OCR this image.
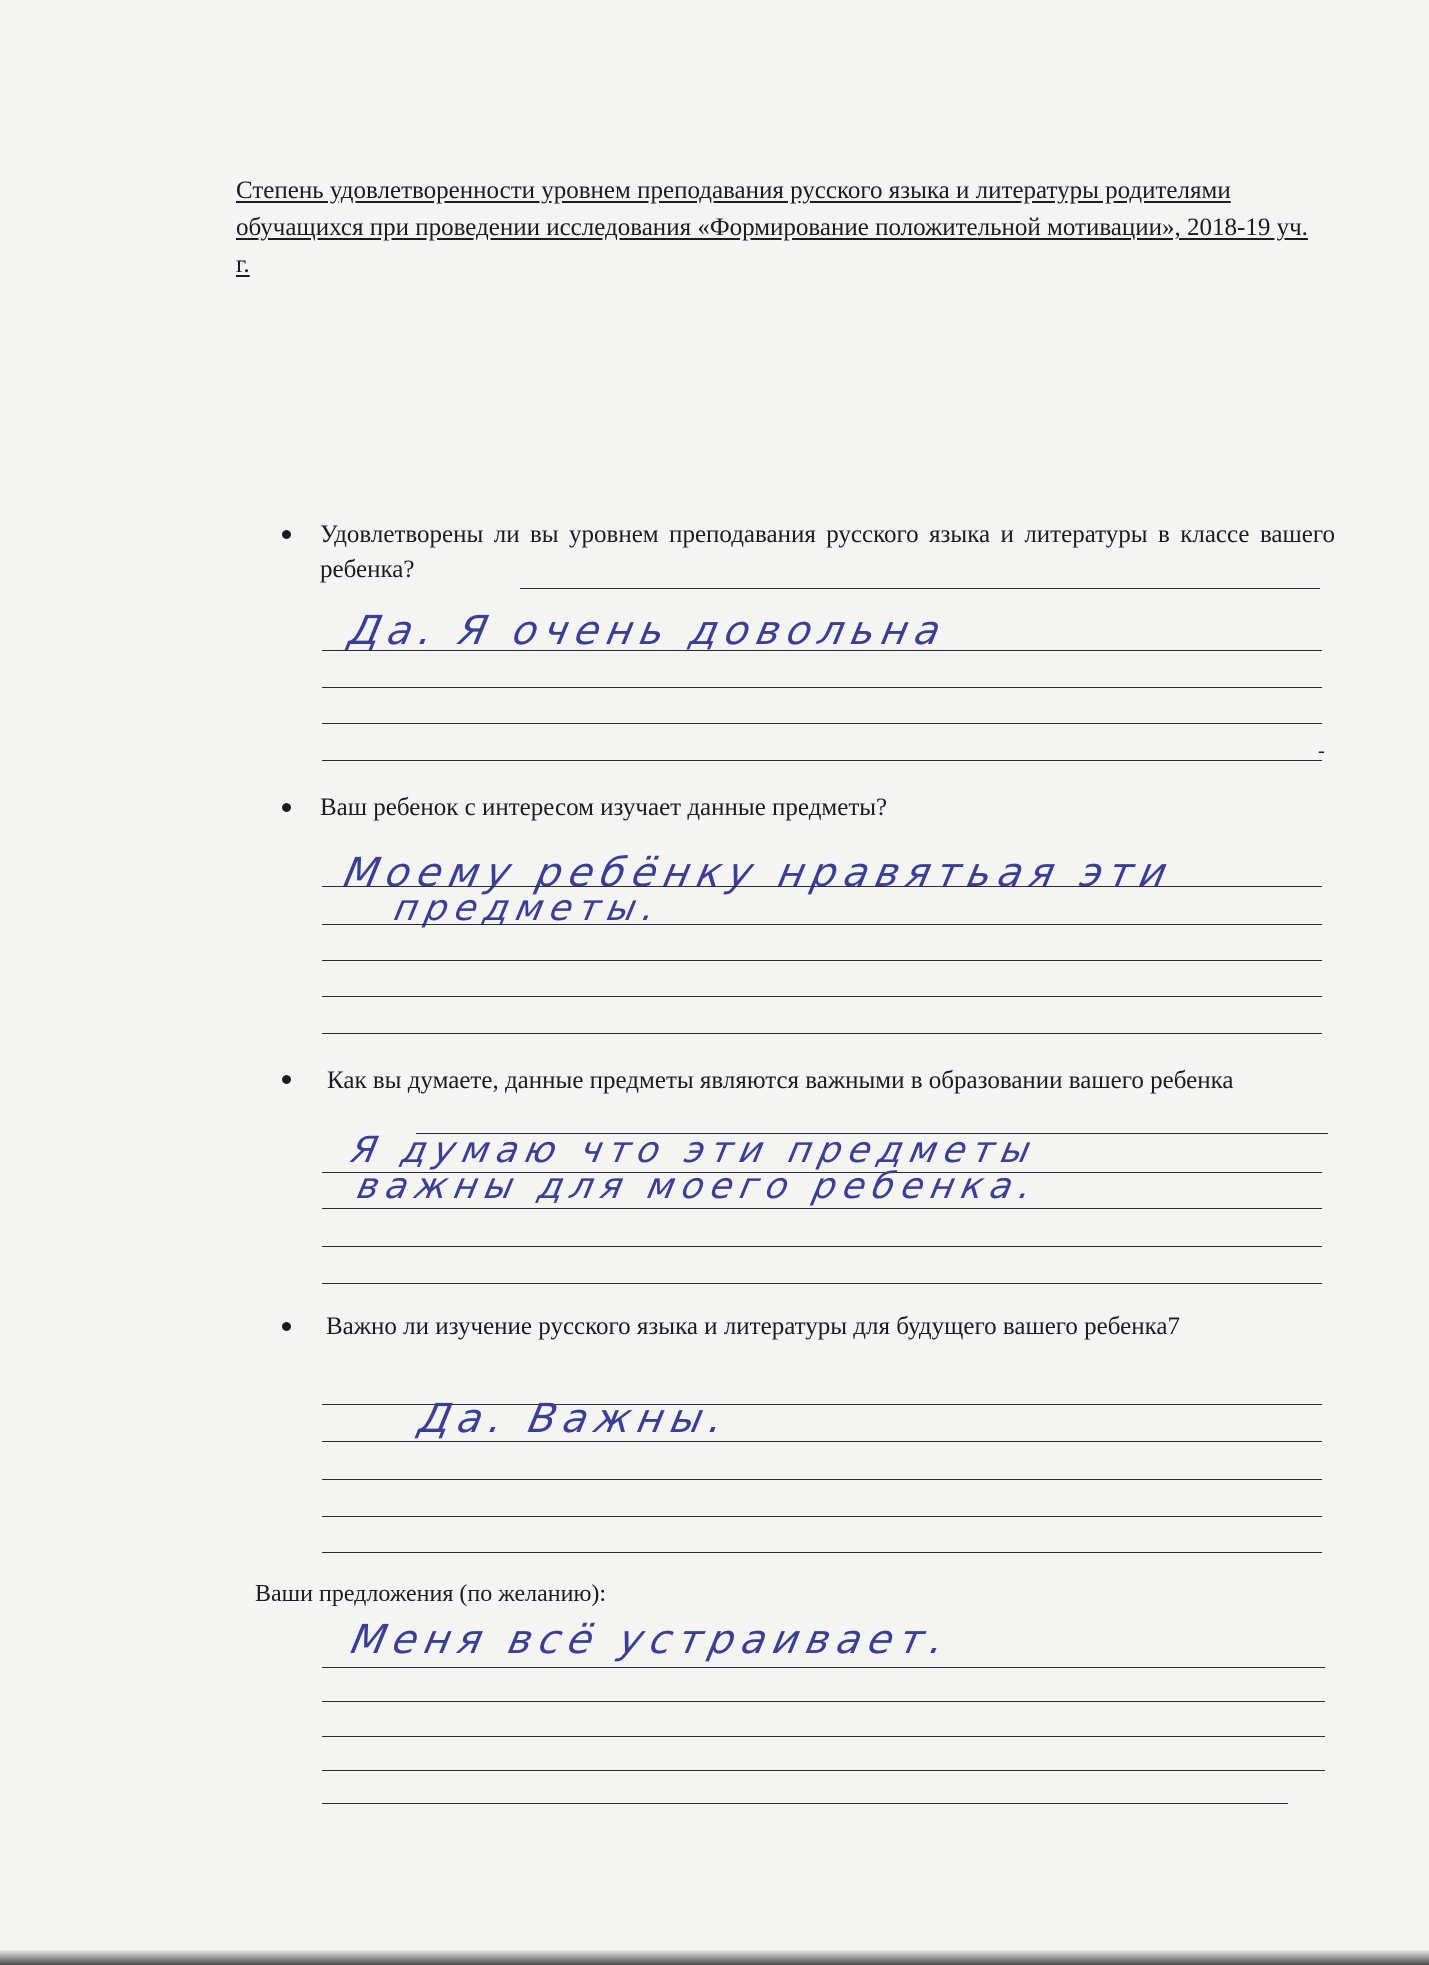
Степень удовлетворенности уровнем преподавания русского языка и литературы родителями обучащихся при проведении исследования «Формирование положительной мотивации», 2018-19 уч. г.
Удовлетворены ли вы уровнем преподавания русского языка и литературы в классе вашего ребенка?
Да. Я очень довольна
-
Ваш ребенок с интересом изучает данные предметы?
Моему ребёнку нравятьая эти
предметы.
Как вы думаете, данные предметы являются важными в образовании вашего ребенка
Я думаю что эти предметы
важны для моего ребенка.
Важно ли изучение русского языка и литературы для будущего вашего ребенка7
Да. Важны.
Ваши предложения (по желанию):
Меня всё устраивает.
